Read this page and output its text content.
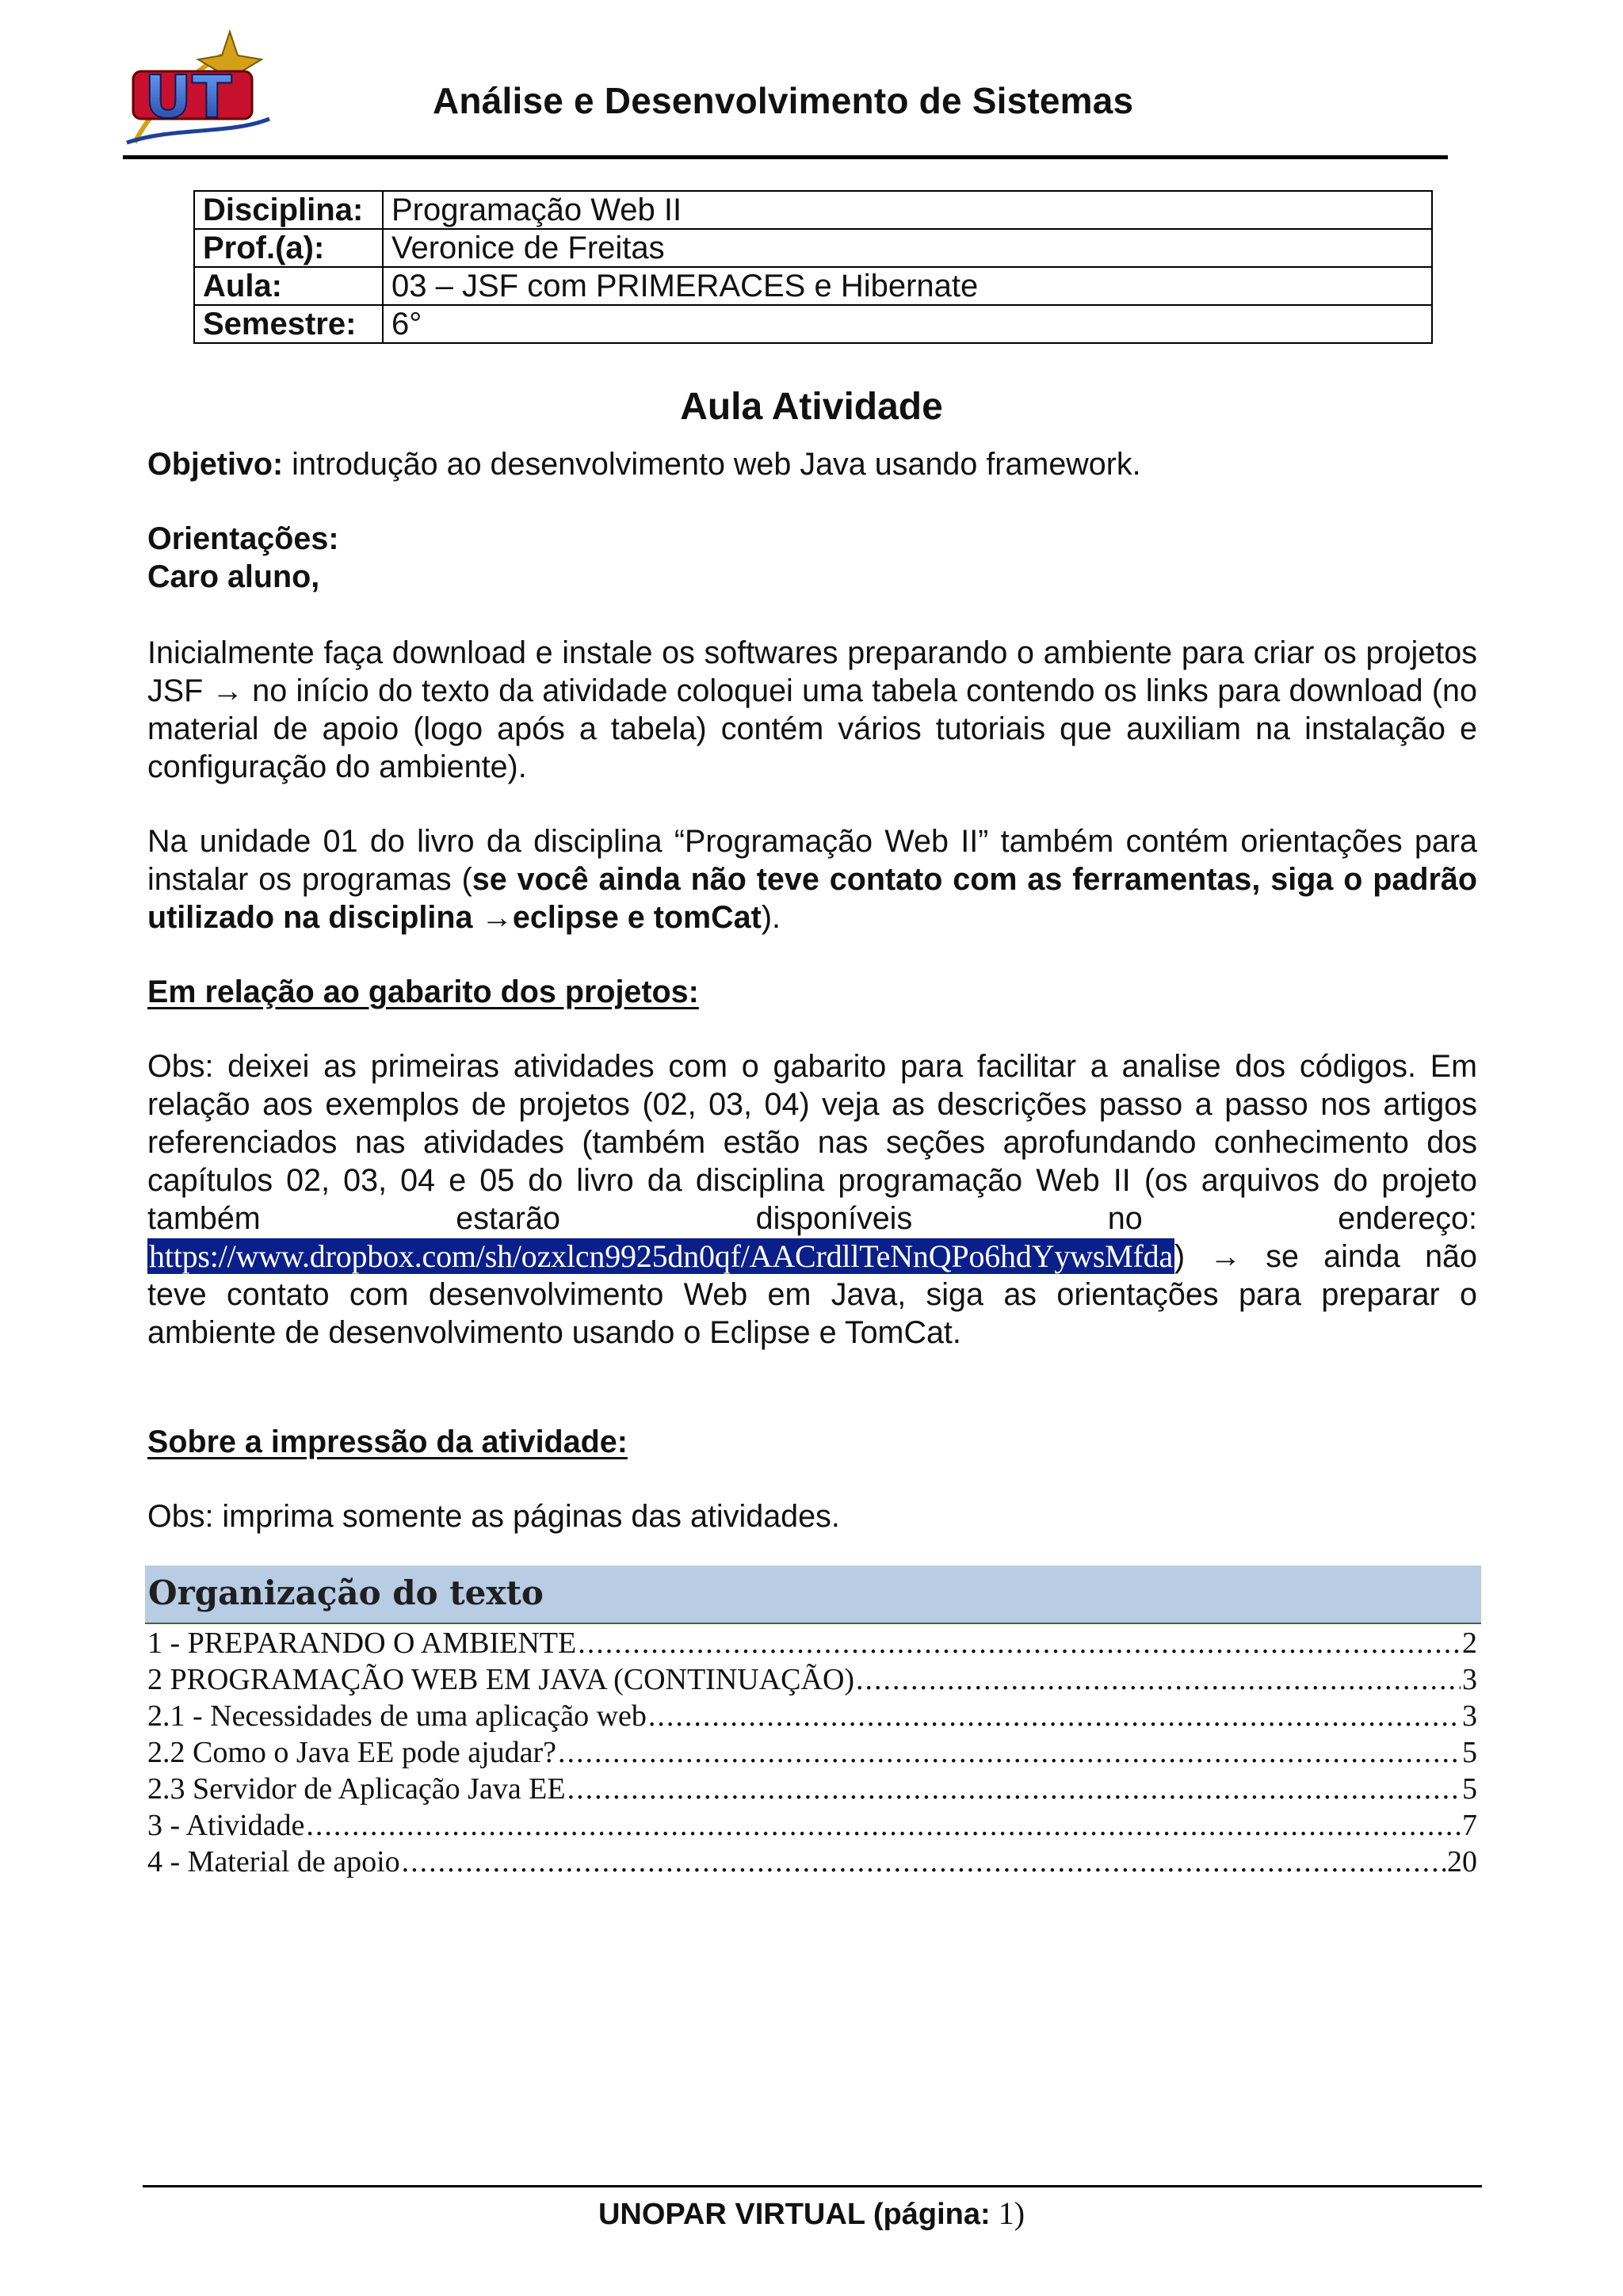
UT	Análise e Desenvolvimento de Sistemas
Disciplina:	Programação Web II
Prof.(a):	Veronice de Freitas
Aula:	03 – JSF com PRIMERACES e Hibernate
Semestre:	6°
Aula Atividade
Objetivo: introdução ao desenvolvimento web Java usando framework.
Orientações:
Caro aluno,
Inicialmente faça download e instale os softwares preparando o ambiente para criar os projetos JSF → no início do texto da atividade coloquei uma tabela contendo os links para download (no material de apoio (logo após a tabela) contém vários tutoriais que auxiliam na instalação e configuração do ambiente).
Na unidade 01 do livro da disciplina “Programação Web II” também contém orientações para instalar os programas (se você ainda não teve contato com as ferramentas, siga o padrão utilizado na disciplina →eclipse e tomCat).
Em relação ao gabarito dos projetos:
Obs: deixei as primeiras atividades com o gabarito para facilitar a analise dos códigos. Em relação aos exemplos de projetos (02, 03, 04) veja as descrições passo a passo nos artigos referenciados nas atividades (também estão nas seções aprofundando conhecimento dos capítulos 02, 03, 04 e 05 do livro da disciplina programação Web II (os arquivos do projeto também estarão disponíveis no endereço: https://www.dropbox.com/sh/ozxlcn9925dn0qf/AACrdllTeNnQPo6hdYywsMfda) → se ainda não teve contato com desenvolvimento Web em Java, siga as orientações para preparar o ambiente de desenvolvimento usando o Eclipse e TomCat.
Sobre a impressão da atividade:
Obs: imprima somente as páginas das atividades.
Organização do texto
1 - PREPARANDO O AMBIENTE .....	2
2 PROGRAMAÇÃO WEB EM JAVA (CONTINUAÇÃO) .....	3
2.1 - Necessidades de uma aplicação web .....	3
2.2 Como o Java EE pode ajudar? .....	5
2.3 Servidor de Aplicação Java EE .....	5
3 - Atividade .....	7
4 - Material de apoio .....	20
UNOPAR VIRTUAL (página: 1)
